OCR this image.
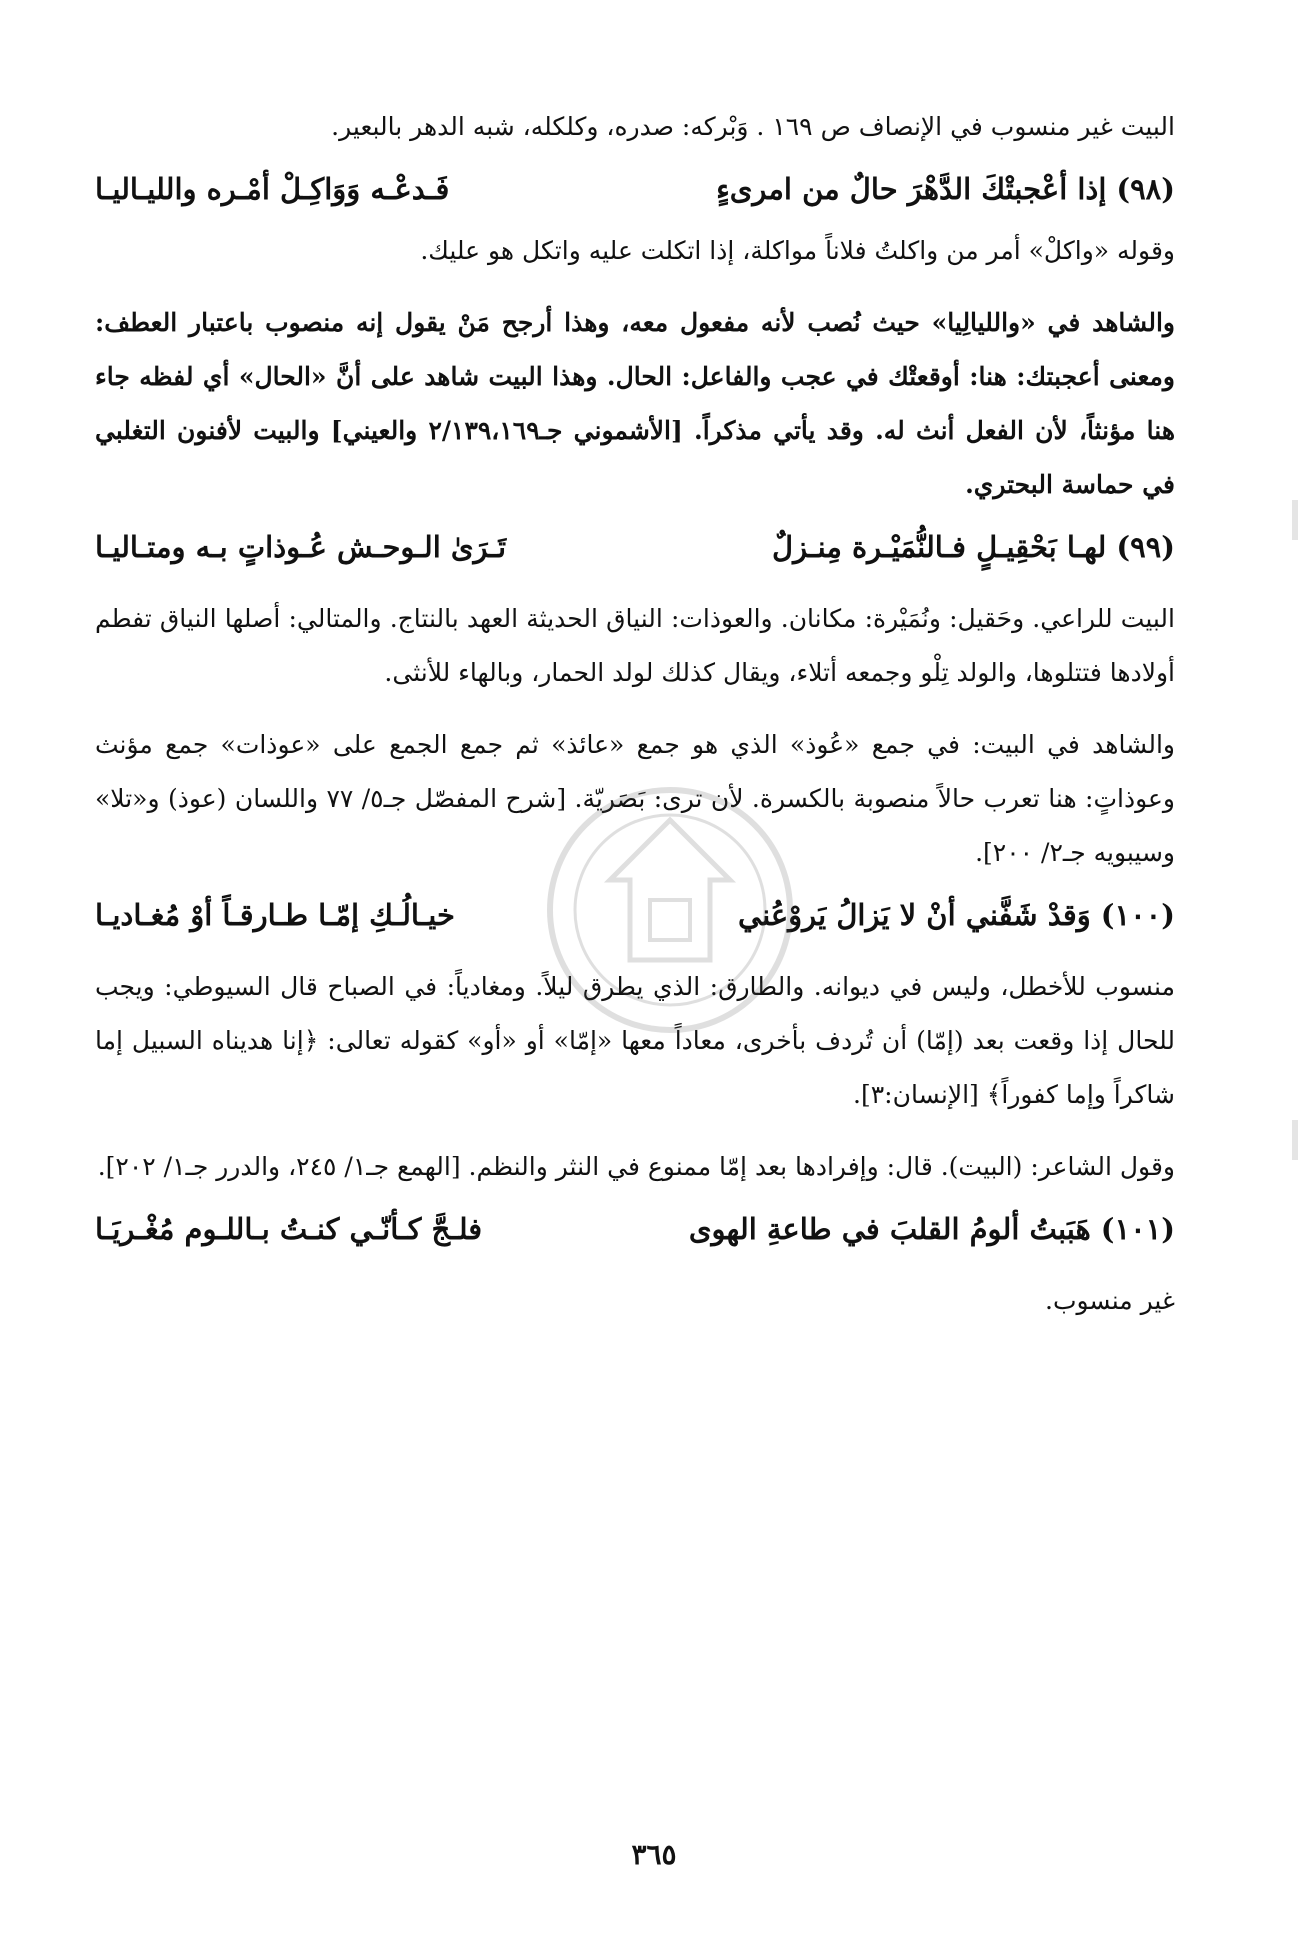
البيت غير منسوب في الإنصاف ص ١٦٩ . وَبْركه: صدره، وكلكله، شبه الدهر بالبعير.

(٩٨)
إذا أعْجبتْكَ الدَّهْرَ حالٌ من امرىءٍ
فَـدعْـه وَوَاكِـلْ أمْـره والليـاليـا

وقوله «واكلْ» أمر من واكلتُ فلاناً مواكلة، إذا اتكلت عليه واتكل هو عليك.

والشاهد في «والليالِيا» حيث نُصب لأنه مفعول معه، وهذا أرجح مَنْ يقول إنه منصوب باعتبار العطف: ومعنى أعجبتك: هنا: أوقعتْك في عجب والفاعل: الحال. وهذا البيت شاهد على أنَّ «الحال» أي لفظه جاء هنا مؤنثاً، لأن الفعل أنث له. وقد يأتي مذكراً. [الأشموني جـ٢/١٣٩،١٦٩ والعيني] والبيت لأفنون التغلبي في حماسة البحتري.

(٩٩)
لهـا بَحْقِيـلٍ فـالنُّمَيْـرة مِنـزلٌ
تَـرَىٰ الـوحـش عُـوذاتٍ بـه ومتـاليـا

البيت للراعي. وحَقيل: ونُمَيْرة: مكانان. والعوذات: النياق الحديثة العهد بالنتاج. والمتالي: أصلها النياق تفطم أولادها فتتلوها، والولد تِلْو وجمعه أتلاء، ويقال كذلك لولد الحمار، وبالهاء للأنثى.

والشاهد في البيت: في جمع «عُوذ» الذي هو جمع «عائذ» ثم جمع الجمع على «عوذات» جمع مؤنث وعوذاتٍ: هنا تعرب حالاً منصوبة بالكسرة. لأن ترى: بَصَريّة. [شرح المفصّل جـ٥/ ٧٧ واللسان (عوذ) و«تلا» وسيبويه جـ٢/ ٢٠٠].

(١٠٠)
وَقدْ شَفَّني أنْ لا يَزالُ يَروْعُني
خيـالُـكِ إمّـا طـارقـاً أوْ مُغـاديـا

منسوب للأخطل، وليس في ديوانه. والطارق: الذي يطرق ليلاً. ومغادياً: في الصباح قال السيوطي: ويجب للحال إذا وقعت بعد (إمّا) أن تُردف بأخرى، معاداً معها «إمّا» أو «أو» كقوله تعالى: ﴿إنا هديناه السبيل إما شاكراً وإما كفوراً﴾ [الإنسان:٣].

وقول الشاعر: (البيت). قال: وإفرادها بعد إمّا ممنوع في النثر والنظم. [الهمع جـ١/ ٢٤٥، والدرر جـ١/ ٢٠٢].

(١٠١)
هَبَبتُ ألومُ القلبَ في طاعةِ الهوى
فلـجَّ كـأنّـي كنـتُ بـاللـوم مُغْـريَـا

غير منسوب.

٣٦٥
